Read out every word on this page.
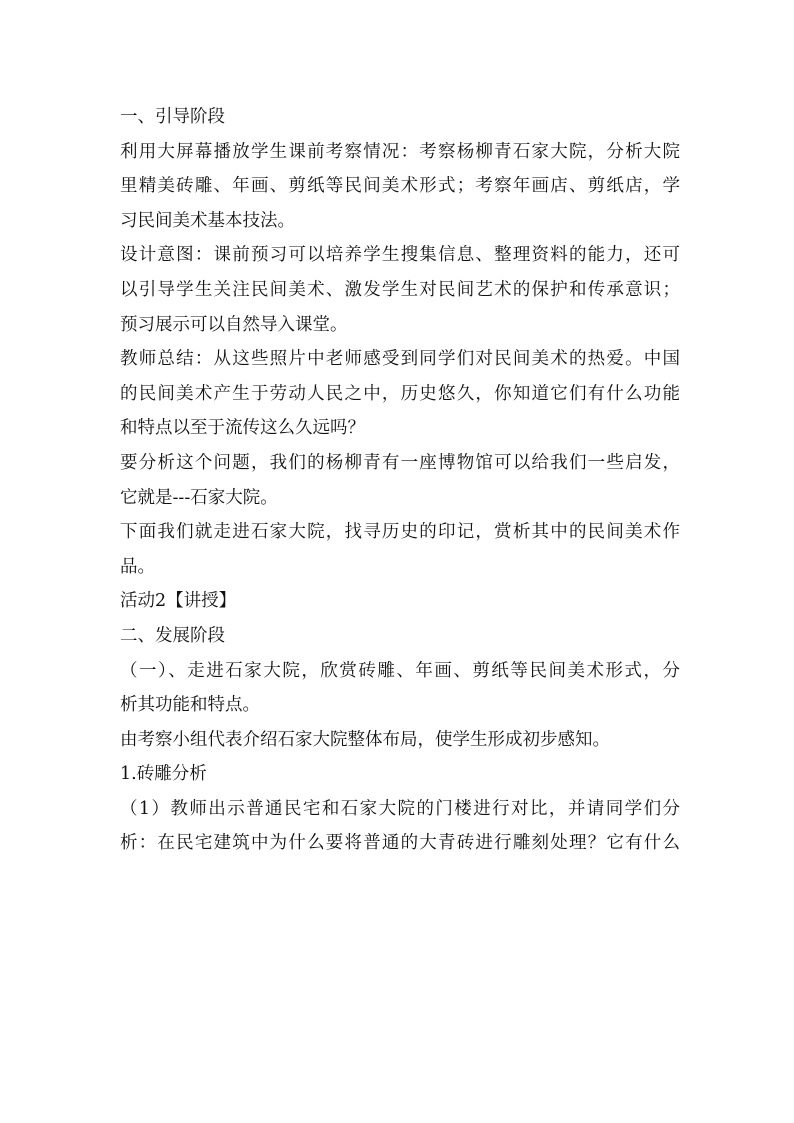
一、引导阶段
利用大屏幕播放学生课前考察情况：考察杨柳青石家大院，分析大院
里精美砖雕、年画、剪纸等民间美术形式；考察年画店、剪纸店，学
习民间美术基本技法。
设计意图：课前预习可以培养学生搜集信息、整理资料的能力，还可
以引导学生关注民间美术、激发学生对民间艺术的保护和传承意识；
预习展示可以自然导入课堂。
教师总结：从这些照片中老师感受到同学们对民间美术的热爱。中国
的民间美术产生于劳动人民之中，历史悠久，你知道它们有什么功能
和特点以至于流传这么久远吗？
要分析这个问题，我们的杨柳青有一座博物馆可以给我们一些启发，
它就是---石家大院。
下面我们就走进石家大院，找寻历史的印记，赏析其中的民间美术作
品。
活动2【讲授】
二、发展阶段
（一）、走进石家大院，欣赏砖雕、年画、剪纸等民间美术形式，分
析其功能和特点。
由考察小组代表介绍石家大院整体布局，使学生形成初步感知。
1.砖雕分析
（1）教师出示普通民宅和石家大院的门楼进行对比，并请同学们分
析：在民宅建筑中为什么要将普通的大青砖进行雕刻处理？它有什么
